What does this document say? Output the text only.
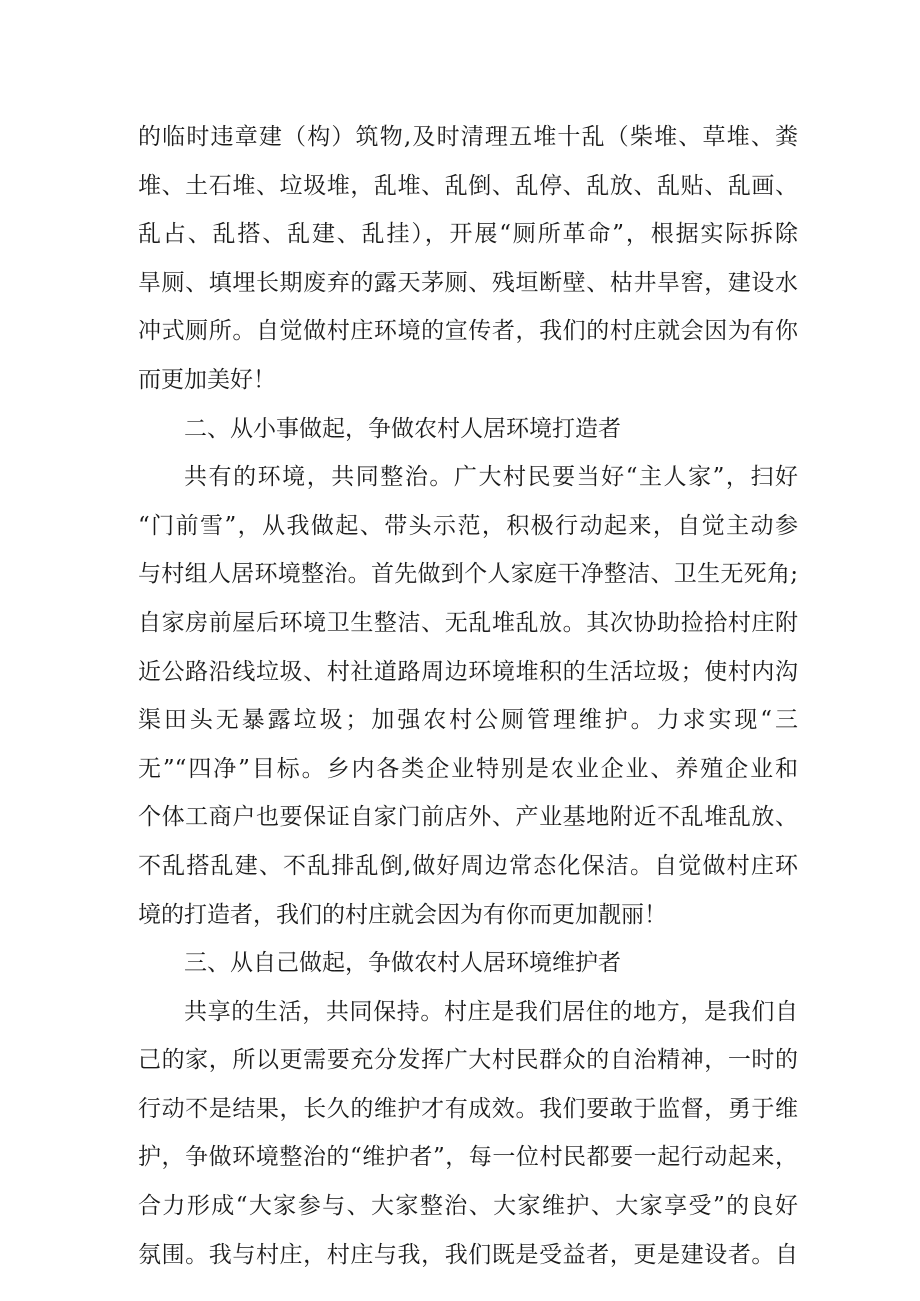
的临时违章建（构）筑物,及时清理五堆十乱（柴堆、草堆、粪
堆、土石堆、垃圾堆，乱堆、乱倒、乱停、乱放、乱贴、乱画、
乱占、乱搭、乱建、乱挂），开展“厕所革命”，根据实际拆除
旱厕、填埋长期废弃的露天茅厕、残垣断壁、枯井旱窖，建设水
冲式厕所。自觉做村庄环境的宣传者，我们的村庄就会因为有你
而更加美好！
二、从小事做起，争做农村人居环境打造者
共有的环境，共同整治。广大村民要当好“主人家”，扫好
“门前雪”，从我做起、带头示范，积极行动起来，自觉主动参
与村组人居环境整治。首先做到个人家庭干净整洁、卫生无死角;
自家房前屋后环境卫生整洁、无乱堆乱放。其次协助捡拾村庄附
近公路沿线垃圾、村社道路周边环境堆积的生活垃圾；使村内沟
渠田头无暴露垃圾；加强农村公厕管理维护。力求实现“三
无”“四净”目标。乡内各类企业特别是农业企业、养殖企业和
个体工商户也要保证自家门前店外、产业基地附近不乱堆乱放、
不乱搭乱建、不乱排乱倒,做好周边常态化保洁。自觉做村庄环
境的打造者，我们的村庄就会因为有你而更加靓丽！
三、从自己做起，争做农村人居环境维护者
共享的生活，共同保持。村庄是我们居住的地方，是我们自
己的家，所以更需要充分发挥广大村民群众的自治精神，一时的
行动不是结果，长久的维护才有成效。我们要敢于监督，勇于维
护，争做环境整治的“维护者”，每一位村民都要一起行动起来，
合力形成“大家参与、大家整治、大家维护、大家享受”的良好
氛围。我与村庄，村庄与我，我们既是受益者，更是建设者。自
